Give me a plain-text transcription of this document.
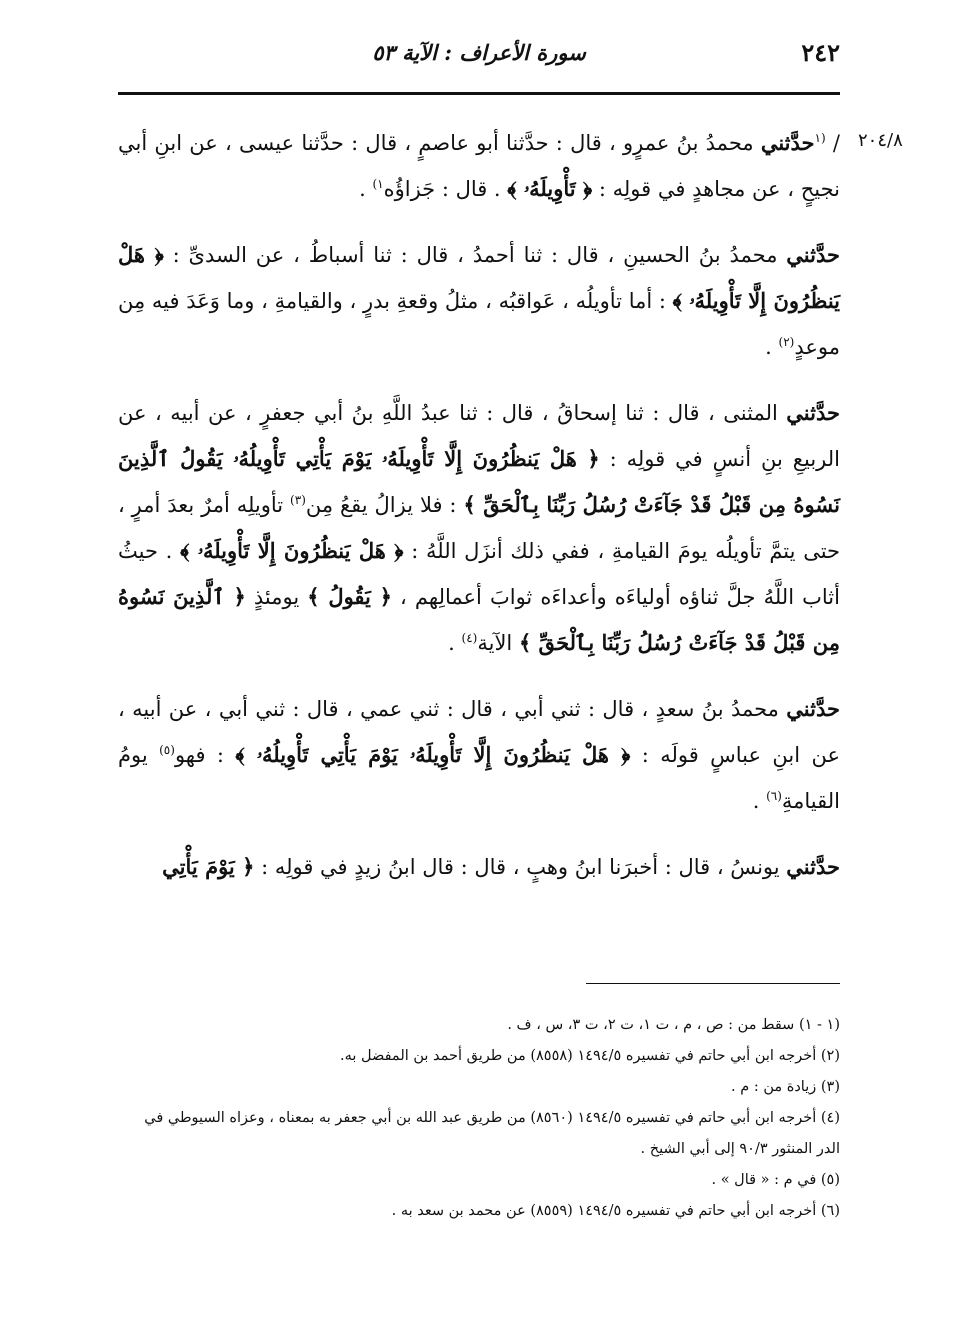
٢٤٢
سورة الأعراف : الآية ٥٣
٢٠٤/٨

/ $^{(١}$حدَّثني محمدُ بنُ عمرٍو ، قال : حدَّثنا أبو عاصمٍ ، قال : حدَّثنا عيسى ، عن ابنِ أبي نجيحٍ ، عن مجاهدٍ في قولِه : ﴿ تَأْوِيلَهُۥ ﴾ . قال : جَزاؤُه$^{١)}$ .

حدَّثني محمدُ بنُ الحسينِ ، قال : ثنا أحمدُ ، قال : ثنا أسباطُ ، عن السدىِّ : ﴿ هَلْ يَنظُرُونَ إِلَّا تَأْوِيلَهُۥ ﴾ : أما تأويلُه ، عَواقبُه ، مثلُ وقعةِ بدرٍ ، والقيامةِ ، وما وَعَدَ فيه مِن موعدٍ$^{(٢)}$ .

حدَّثني المثنى ، قال : ثنا إسحاقُ ، قال : ثنا عبدُ اللَّهِ بنُ أبي جعفرٍ ، عن أبيه ، عن الربيعِ بنِ أنسٍ في قولِه : ﴿ هَلْ يَنظُرُونَ إِلَّا تَأْوِيلَهُۥ يَوْمَ يَأْتِي تَأْوِيلُهُۥ يَقُولُ ٱلَّذِينَ نَسُوهُ مِن قَبْلُ قَدْ جَآءَتْ رُسُلُ رَبِّنَا بِٱلْحَقِّ ﴾ : فلا يزالُ يقعُ مِن$^{(٣)}$ تأويلِه أمرٌ بعدَ أمرٍ ، حتى يتمَّ تأويلُه يومَ القيامةِ ، ففي ذلك أنزَل اللَّهُ : ﴿ هَلْ يَنظُرُونَ إِلَّا تَأْوِيلَهُۥ ﴾ . حيثُ أثاب اللَّهُ جلَّ ثناؤه أولياءَه وأعداءَه ثوابَ أعمالِهم ، ﴿ يَقُولُ ﴾ يومئذٍ ﴿ ٱلَّذِينَ نَسُوهُ مِن قَبْلُ قَدْ جَآءَتْ رُسُلُ رَبِّنَا بِٱلْحَقِّ ﴾ الآية$^{(٤)}$ .

حدَّثني محمدُ بنُ سعدٍ ، قال : ثني أبي ، قال : ثني عمي ، قال : ثني أبي ، عن أبيه ، عن ابنِ عباسٍ قولَه : ﴿ هَلْ يَنظُرُونَ إِلَّا تَأْوِيلَهُۥ يَوْمَ يَأْتِي تَأْوِيلُهُۥ ﴾ : فهو$^{(٥)}$ يومُ القيامةِ$^{(٦)}$ .

حدَّثني يونسُ ، قال : أخبرَنا ابنُ وهبٍ ، قال : قال ابنُ زيدٍ في قولِه : ﴿ يَوْمَ يَأْتِي

(١ - ١) سقط من : ص ، م ، ت ١، ت ٢، ت ٣، س ، ف .

(٢) أخرجه ابن أبي حاتم في تفسيره ١٤٩٤/٥ (٨٥٥٨) من طريق أحمد بن المفضل به.

(٣) زيادة من : م .

(٤) أخرجه ابن أبي حاتم في تفسيره ١٤٩٤/٥ (٨٥٦٠) من طريق عبد الله بن أبي جعفر به بمعناه ، وعزاه السيوطي في الدر المنثور ٩٠/٣ إلى أبي الشيخ .

(٥) في م : « قال » .

(٦) أخرجه ابن أبي حاتم في تفسيره ١٤٩٤/٥ (٨٥٥٩) عن محمد بن سعد به .
